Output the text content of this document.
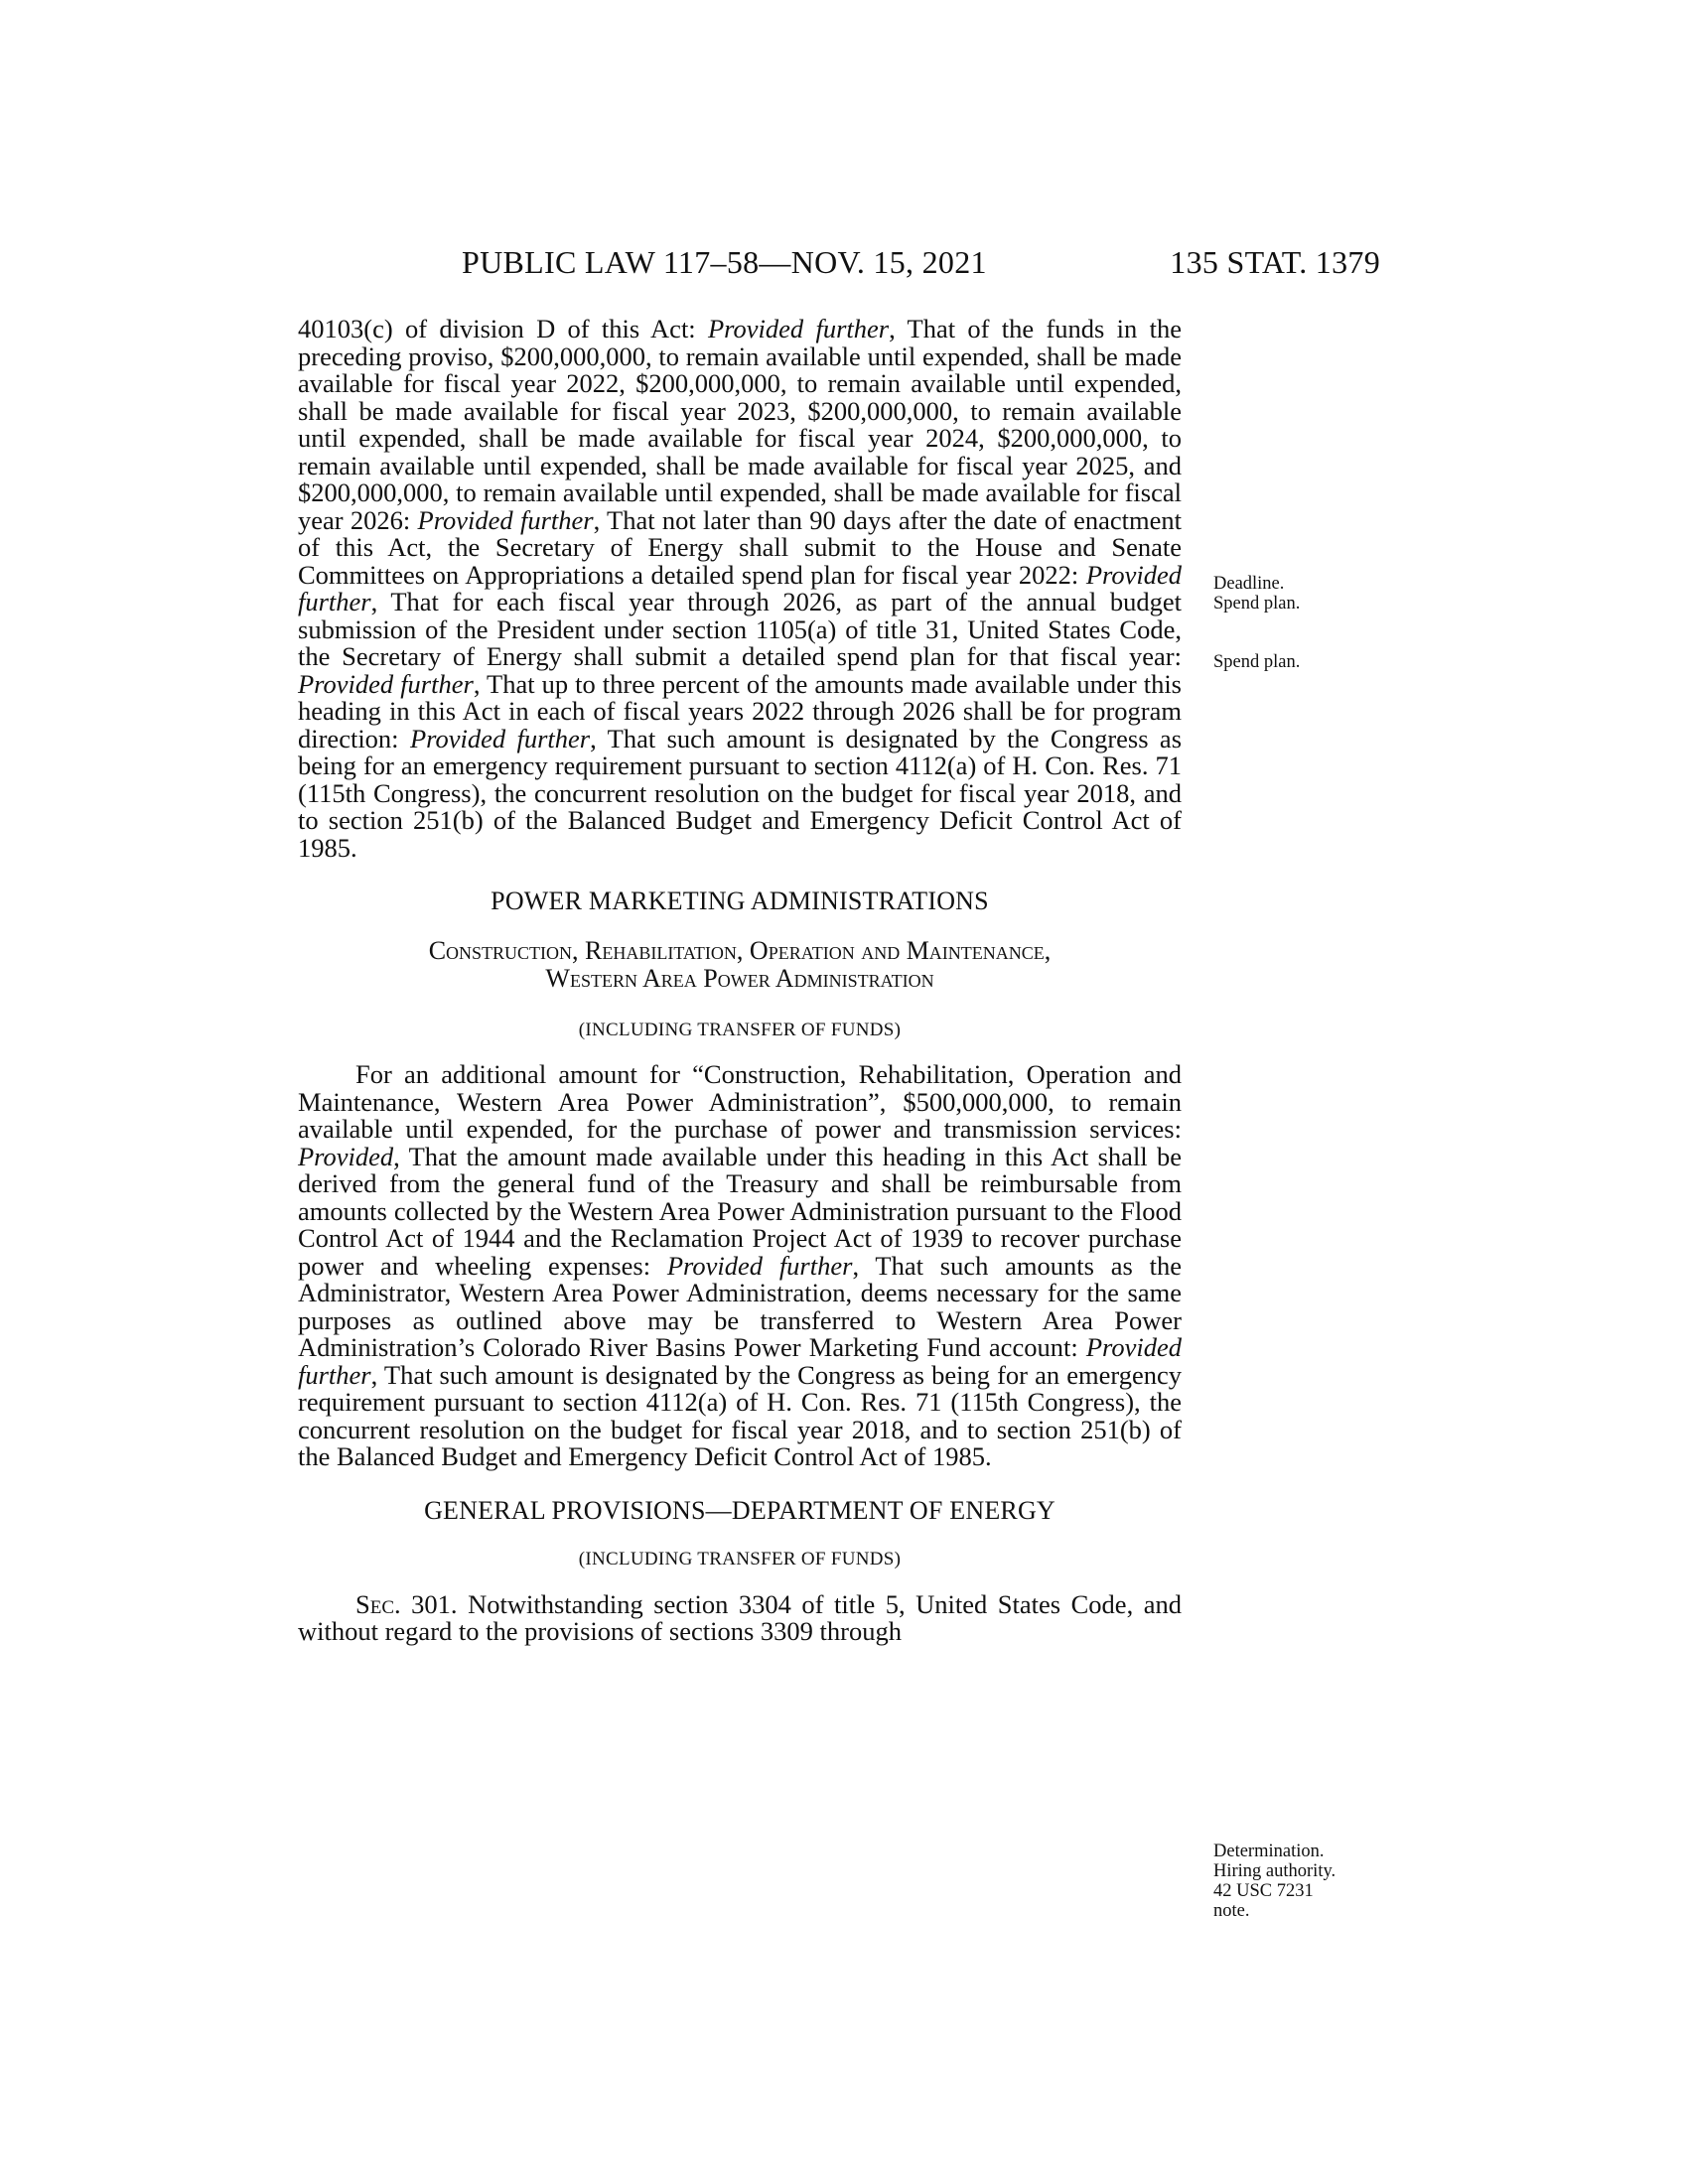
PUBLIC LAW 117–58—NOV. 15, 2021	135 STAT. 1379

40103(c) of division D of this Act: Provided further, That of the funds in the preceding proviso, $200,000,000, to remain available until expended, shall be made available for fiscal year 2022, $200,000,000, to remain available until expended, shall be made available for fiscal year 2023, $200,000,000, to remain available until expended, shall be made available for fiscal year 2024, $200,000,000, to remain available until expended, shall be made available for fiscal year 2025, and $200,000,000, to remain available until expended, shall be made available for fiscal year 2026: Provided further, That not later than 90 days after the date of enactment of this Act, the Secretary of Energy shall submit to the House and Senate Committees on Appropriations a detailed spend plan for fiscal year 2022: Provided further, That for each fiscal year through 2026, as part of the annual budget submission of the President under section 1105(a) of title 31, United States Code, the Secretary of Energy shall submit a detailed spend plan for that fiscal year: Provided further, That up to three percent of the amounts made available under this heading in this Act in each of fiscal years 2022 through 2026 shall be for program direction: Provided further, That such amount is designated by the Congress as being for an emergency requirement pursuant to section 4112(a) of H. Con. Res. 71 (115th Congress), the concurrent resolution on the budget for fiscal year 2018, and to section 251(b) of the Balanced Budget and Emergency Deficit Control Act of 1985.

POWER MARKETING ADMINISTRATIONS
Construction, Rehabilitation, Operation and Maintenance,
Western Area Power Administration
(INCLUDING TRANSFER OF FUNDS)

For an additional amount for “Construction, Rehabilitation, Operation and Maintenance, Western Area Power Administration”, $500,000,000, to remain available until expended, for the purchase of power and transmission services: Provided, That the amount made available under this heading in this Act shall be derived from the general fund of the Treasury and shall be reimbursable from amounts collected by the Western Area Power Administration pursuant to the Flood Control Act of 1944 and the Reclamation Project Act of 1939 to recover purchase power and wheeling expenses: Provided further, That such amounts as the Administrator, Western Area Power Administration, deems necessary for the same purposes as outlined above may be transferred to Western Area Power Administration’s Colorado River Basins Power Marketing Fund account: Provided further, That such amount is designated by the Congress as being for an emergency requirement pursuant to section 4112(a) of H. Con. Res. 71 (115th Congress), the concurrent resolution on the budget for fiscal year 2018, and to section 251(b) of the Balanced Budget and Emergency Deficit Control Act of 1985.

GENERAL PROVISIONS—DEPARTMENT OF ENERGY
(INCLUDING TRANSFER OF FUNDS)

Sec. 301. Notwithstanding section 3304 of title 5, United States Code, and without regard to the provisions of sections 3309 through

Deadline.
Spend plan.
Spend plan.
Determination.
Hiring authority.
42 USC 7231
note.
